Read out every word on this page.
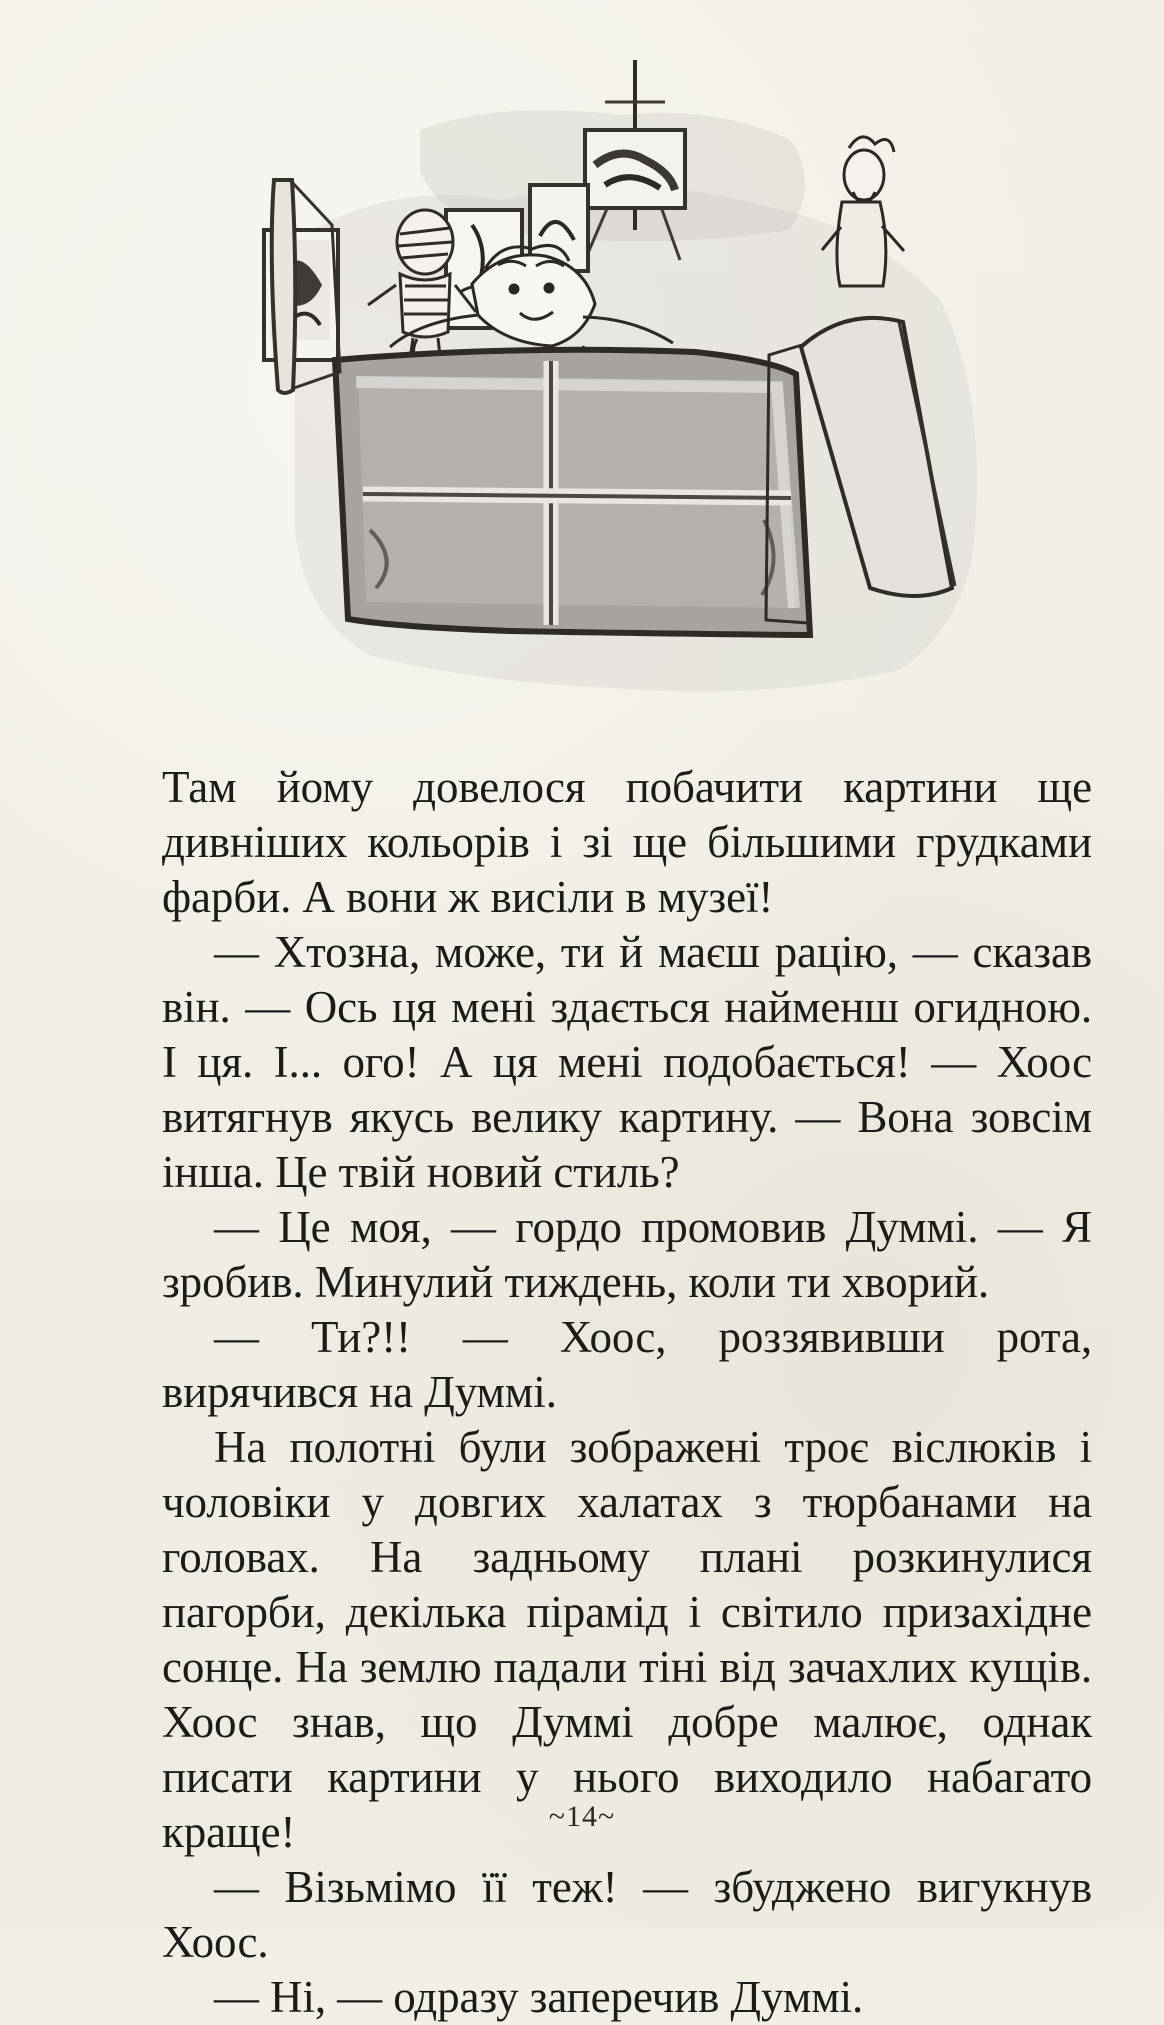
Там йому довелося побачити картини ще дивніших кольорів і зі ще більшими грудками фарби. А вони ж висіли в музеї!

— Хтозна, може, ти й маєш рацію, — сказав він. — Ось ця мені здається найменш огидною. І ця. І... ого! А ця мені подобається! — Хоос витягнув якусь велику картину. — Вона зовсім інша. Це твій новий стиль?

— Це моя, — гордо промовив Думмі. — Я зробив. Минулий тиждень, коли ти хворий.

— Ти?!! — Хоос, роззявивши рота, вирячився на Думмі.

На полотні були зображені троє віслюків і чоловіки у довгих халатах з тюрбанами на головах. На задньому плані розкинулися пагорби, декілька пірамід і світило призахідне сонце. На землю падали тіні від зачахлих кущів. Хоос знав, що Думмі добре малює, однак писати картини у нього виходило набагато краще!

— Візьмімо її теж! — збуджено вигукнув Хоос.

— Ні, — одразу заперечив Думмі.

~14~
